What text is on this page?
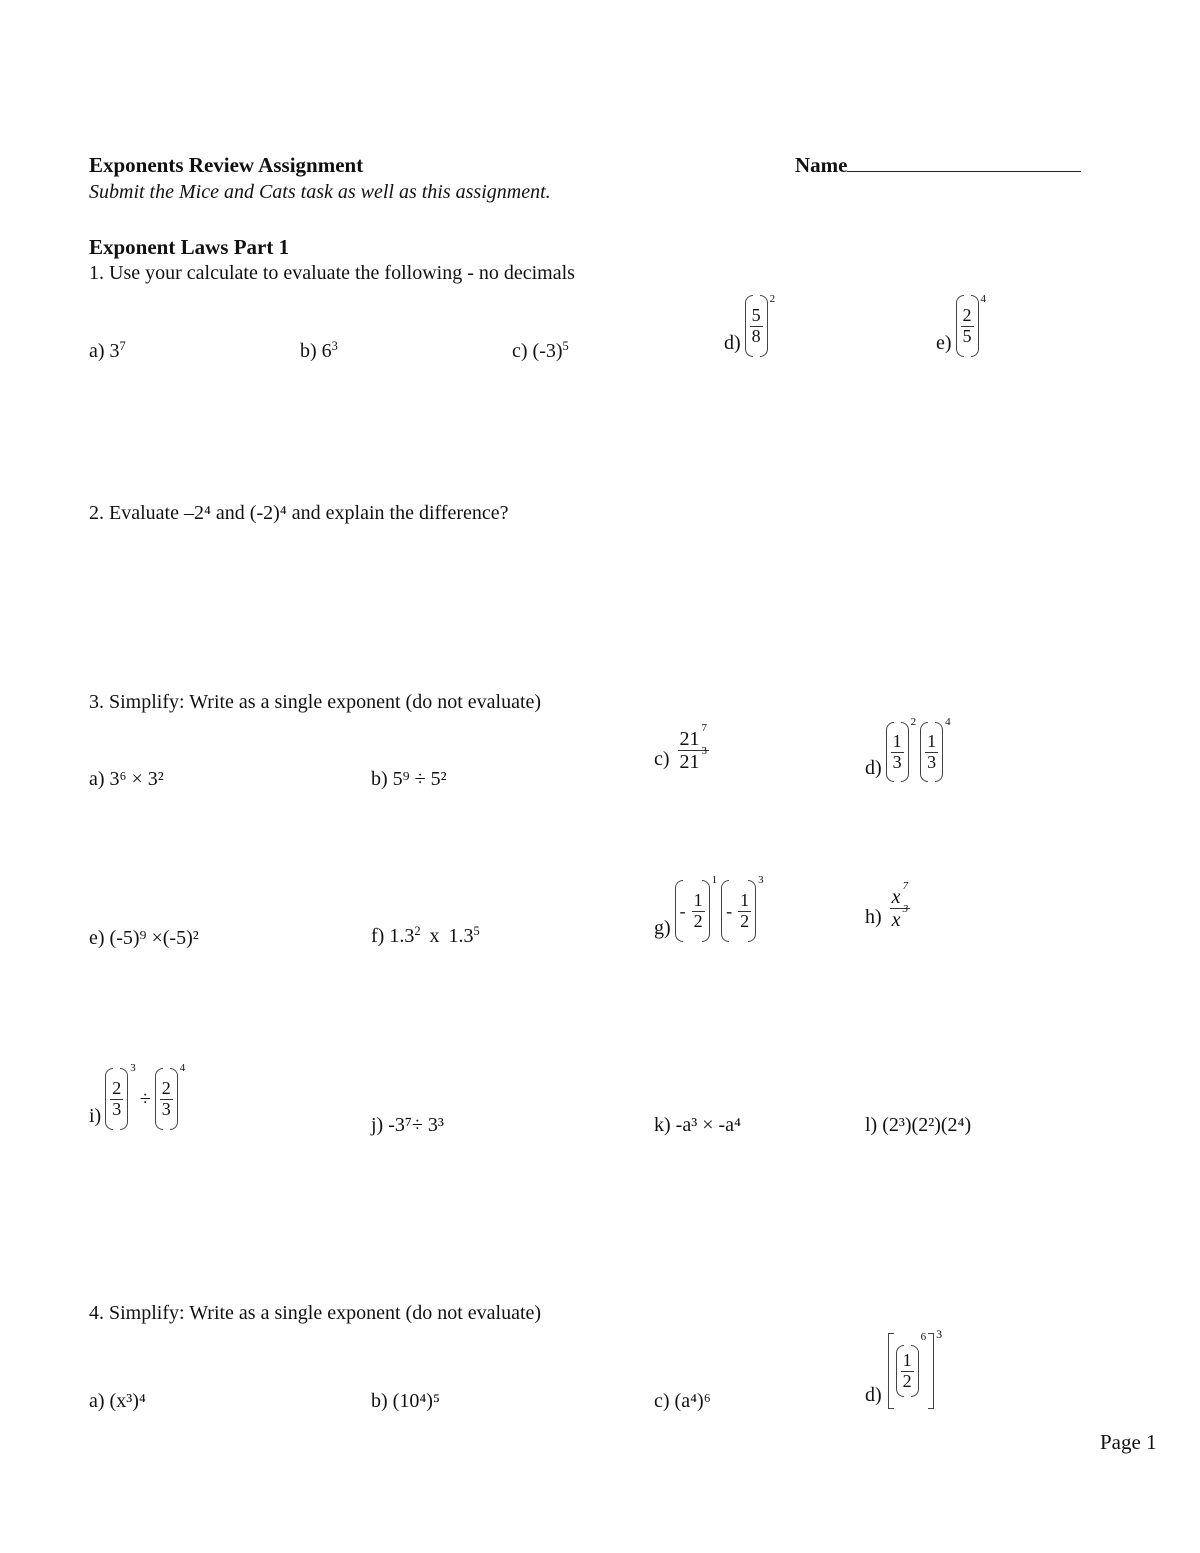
Exponents Review Assignment	Name
Submit the Mice and Cats task as well as this assignment.
Exponent Laws Part 1
1. Use your calculate to evaluate the following - no decimals
a) $3^7$	b) $6^3$	c) $(-3)^5$	$d) \frac{5}{8}$
2
$e) \frac{2}{5}$
4
2. Evaluate –2⁴ and (-2)⁴ and explain the difference?
3. Simplify: Write as a single exponent (do not evaluate)
a) 3⁶ × 3²	b) 5⁹ ÷ 5²
$c) \frac{21 ^7}{21 ^3}$	$d) \frac{1}{3}$
2
$\frac{1}{3}$
4
e) (-5)⁹ ×(-5)²	f) $1.3^2$ x $1.3^5$	g)
- $\frac{1}{2}$
1
- $\frac{1}{2}$
3
$h) \frac{x ^7}{x ^3}$
$i) \frac{2}{3}$
3
÷ $\frac{2}{3}$
4
j) -3⁷÷ 3³	k) -a³ × -a⁴	l) (2³)(2²)(2⁴)
4. Simplify: Write as a single exponent (do not evaluate)
a) (x³)⁴	b) (10⁴)⁵	c) (a⁴)⁶	d)
$\frac{1}{2}$
6 3
Page 1
